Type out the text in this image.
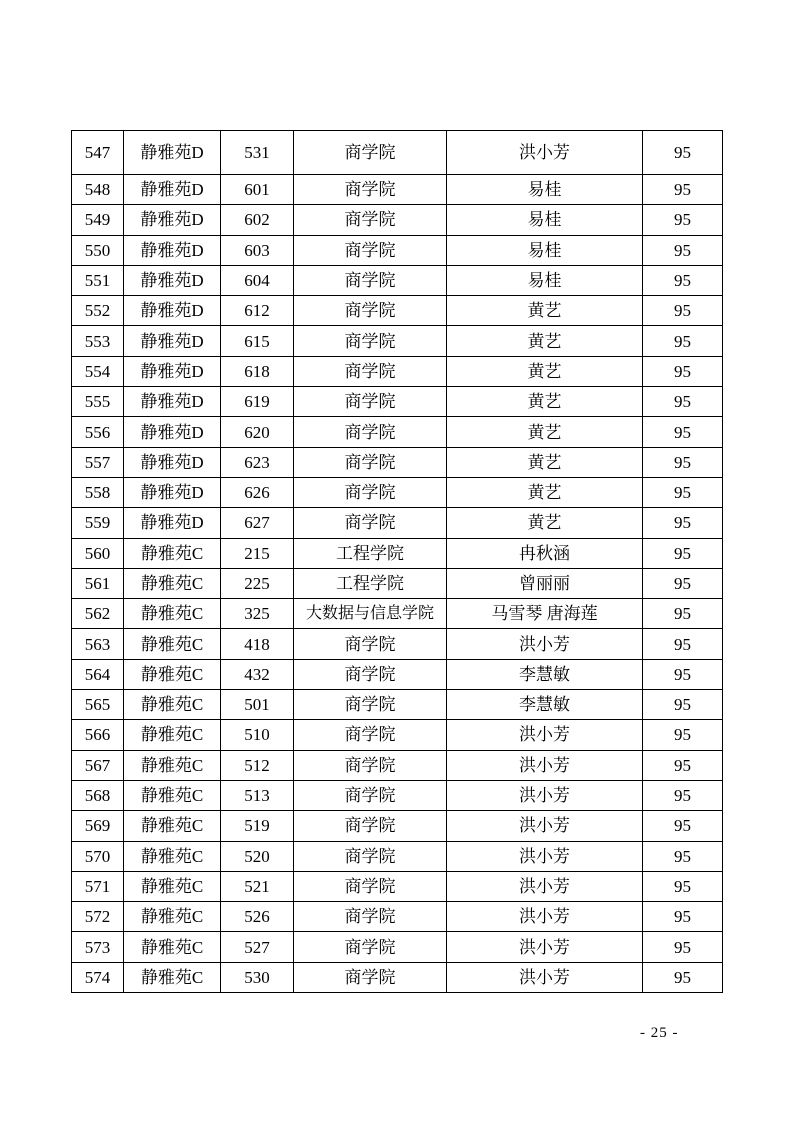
547	静雅苑D	531	商学院	洪小芳	95
548	静雅苑D	601	商学院	易桂	95
549	静雅苑D	602	商学院	易桂	95
550	静雅苑D	603	商学院	易桂	95
551	静雅苑D	604	商学院	易桂	95
552	静雅苑D	612	商学院	黄艺	95
553	静雅苑D	615	商学院	黄艺	95
554	静雅苑D	618	商学院	黄艺	95
555	静雅苑D	619	商学院	黄艺	95
556	静雅苑D	620	商学院	黄艺	95
557	静雅苑D	623	商学院	黄艺	95
558	静雅苑D	626	商学院	黄艺	95
559	静雅苑D	627	商学院	黄艺	95
560	静雅苑C	215	工程学院	冉秋涵	95
561	静雅苑C	225	工程学院	曾丽丽	95
562	静雅苑C	325	大数据与信息学院	马雪琴 唐海莲	95
563	静雅苑C	418	商学院	洪小芳	95
564	静雅苑C	432	商学院	李慧敏	95
565	静雅苑C	501	商学院	李慧敏	95
566	静雅苑C	510	商学院	洪小芳	95
567	静雅苑C	512	商学院	洪小芳	95
568	静雅苑C	513	商学院	洪小芳	95
569	静雅苑C	519	商学院	洪小芳	95
570	静雅苑C	520	商学院	洪小芳	95
571	静雅苑C	521	商学院	洪小芳	95
572	静雅苑C	526	商学院	洪小芳	95
573	静雅苑C	527	商学院	洪小芳	95
574	静雅苑C	530	商学院	洪小芳	95
- 25 -
